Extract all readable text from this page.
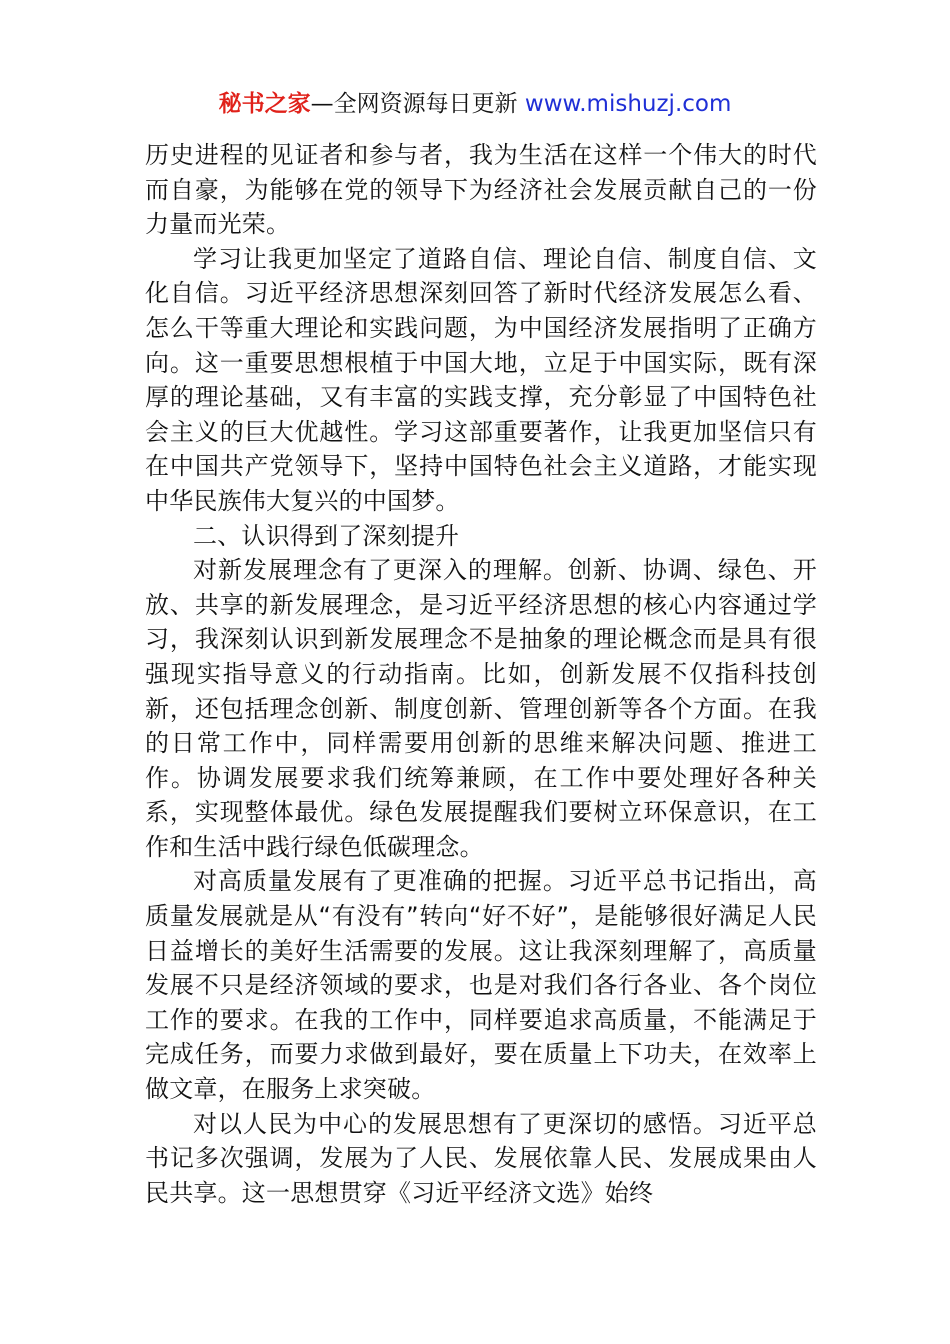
秘书之家—全网资源每日更新 www.mishuzj.com

历史进程的见证者和参与者，我为生活在这样一个伟大的时代而自豪，为能够在党的领导下为经济社会发展贡献自己的一份力量而光荣。

学习让我更加坚定了道路自信、理论自信、制度自信、文化自信。习近平经济思想深刻回答了新时代经济发展怎么看、怎么干等重大理论和实践问题，为中国经济发展指明了正确方向。这一重要思想根植于中国大地，立足于中国实际，既有深厚的理论基础，又有丰富的实践支撑，充分彰显了中国特色社会主义的巨大优越性。学习这部重要著作，让我更加坚信只有在中国共产党领导下，坚持中国特色社会主义道路，才能实现中华民族伟大复兴的中国梦。

二、认识得到了深刻提升

对新发展理念有了更深入的理解。创新、协调、绿色、开放、共享的新发展理念，是习近平经济思想的核心内容通过学习，我深刻认识到新发展理念不是抽象的理论概念而是具有很强现实指导意义的行动指南。比如，创新发展不仅指科技创新，还包括理念创新、制度创新、管理创新等各个方面。在我的日常工作中，同样需要用创新的思维来解决问题、推进工作。协调发展要求我们统筹兼顾，在工作中要处理好各种关系，实现整体最优。绿色发展提醒我们要树立环保意识，在工作和生活中践行绿色低碳理念。

对高质量发展有了更准确的把握。习近平总书记指出，高质量发展就是从“有没有”转向“好不好”，是能够很好满足人民日益增长的美好生活需要的发展。这让我深刻理解了，高质量发展不只是经济领域的要求，也是对我们各行各业、各个岗位工作的要求。在我的工作中，同样要追求高质量，不能满足于完成任务，而要力求做到最好，要在质量上下功夫，在效率上做文章，在服务上求突破。

对以人民为中心的发展思想有了更深切的感悟。习近平总书记多次强调，发展为了人民、发展依靠人民、发展成果由人民共享。这一思想贯穿《习近平经济文选》始终
